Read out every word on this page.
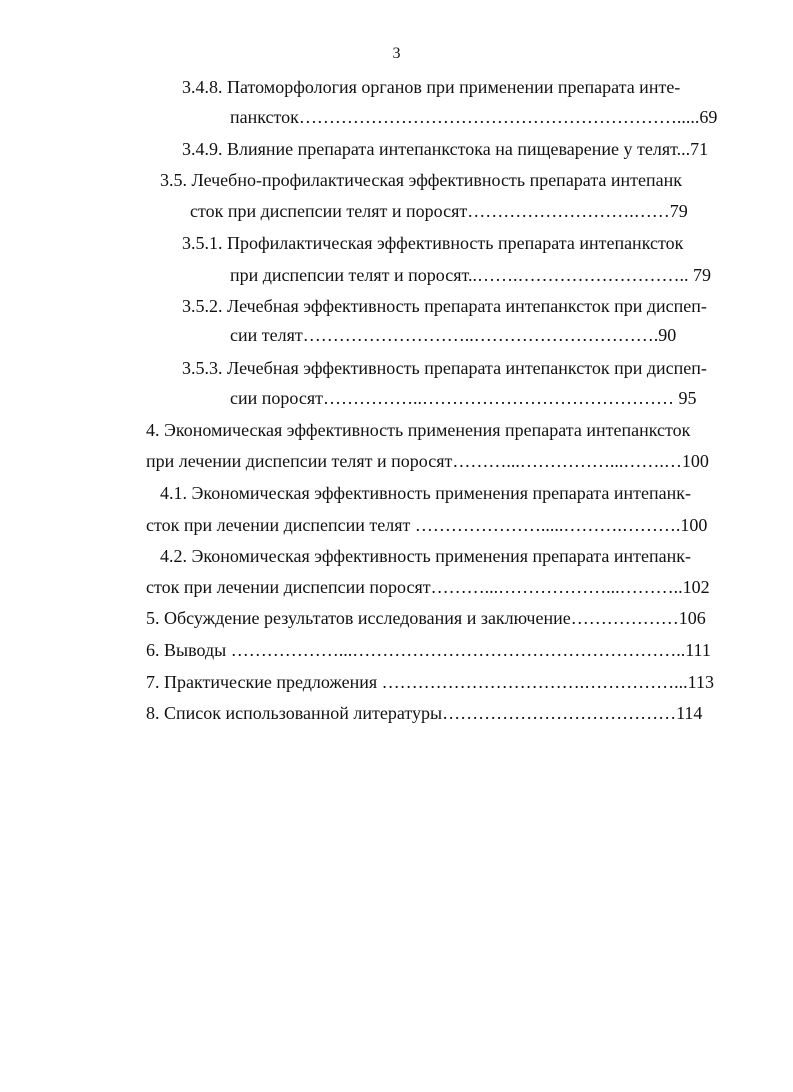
3
3.4.8. Патоморфология органов при применении препарата инте-
панксток……………………………………………………….....69
3.4.9. Влияние препарата интепанкстока на пищеварение у телят...71
3.5. Лечебно-профилактическая эффективность препарата интепанк
сток при диспепсии телят и поросят……………………….……79
3.5.1. Профилактическая эффективность препарата интепанксток
при диспепсии телят и поросят..…….……………………….. 79
3.5.2. Лечебная эффективность препарата интепанксток при диспеп-
сии телят………………………..………………………….90
3.5.3. Лечебная эффективность препарата интепанксток при диспеп-
сии поросят……………..…………………………………… 95
4. Экономическая эффективность применения препарата интепанксток
при лечении диспепсии телят и поросят………...……………...…….…100
4.1. Экономическая эффективность применения препарата интепанк-
сток при лечении диспепсии телят ………………….....……….……….100
4.2. Экономическая эффективность применения препарата интепанк-
сток при лечении диспепсии поросят………...………………...………..102
5. Обсуждение результатов исследования и заключение………………106
6. Выводы ………………...………………………………………………..111
7. Практические предложения …………………………….……………...113
8. Список использованной литературы…………………………………114
